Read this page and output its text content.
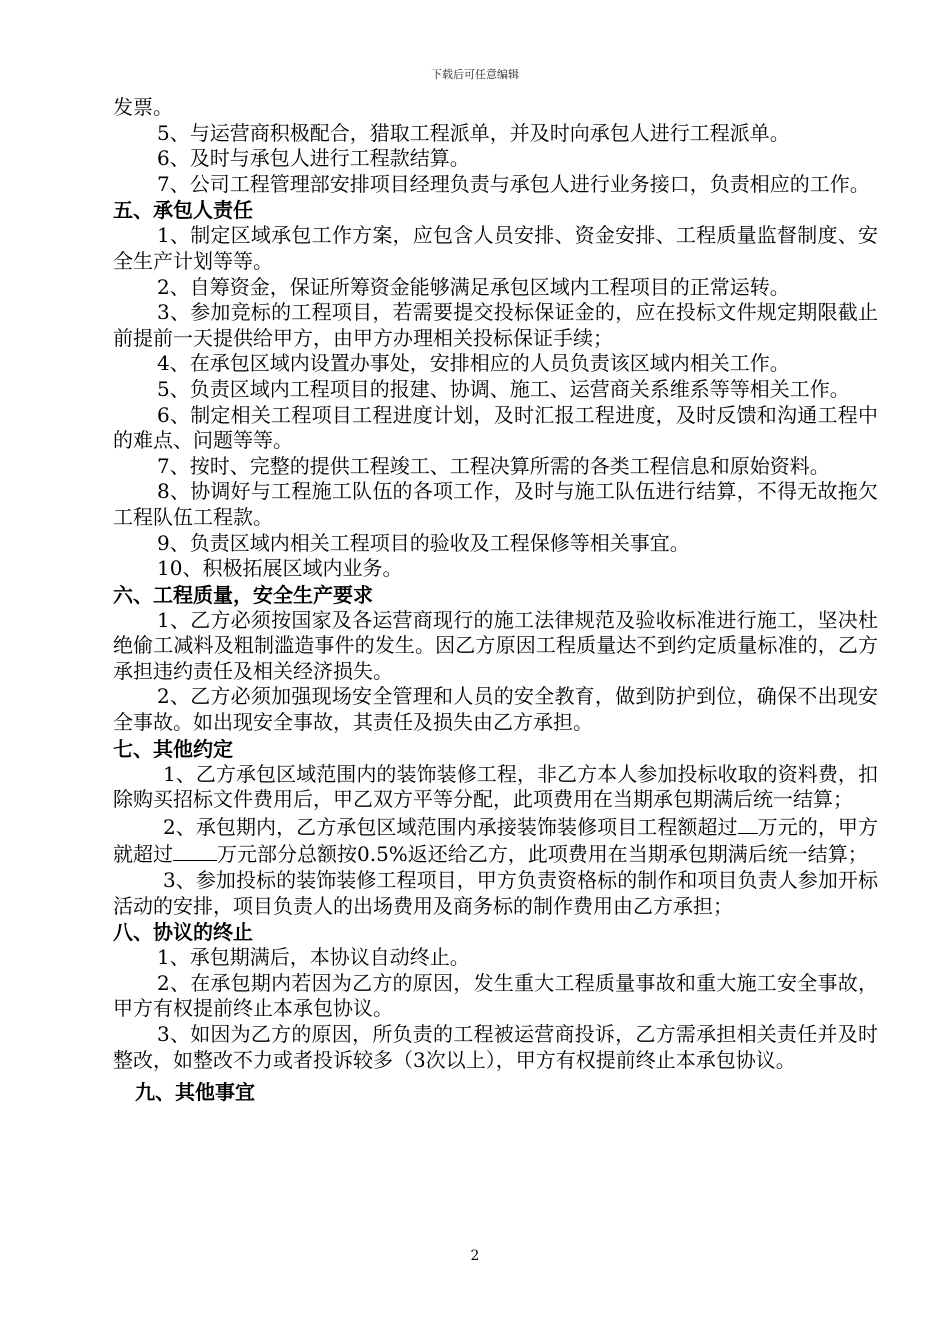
下载后可任意编辑

发票。

5、与运营商积极配合，猎取工程派单，并及时向承包人进行工程派单。

6、及时与承包人进行工程款结算。

7、公司工程管理部安排项目经理负责与承包人进行业务接口，负责相应的工作。

五、承包人责任

1、制定区域承包工作方案，应包含人员安排、资金安排、工程质量监督制度、安全生产计划等等。

2、自筹资金，保证所筹资金能够满足承包区域内工程项目的正常运转。

3、参加竞标的工程项目，若需要提交投标保证金的，应在投标文件规定期限截止前提前一天提供给甲方，由甲方办理相关投标保证手续；

4、在承包区域内设置办事处，安排相应的人员负责该区域内相关工作。

5、负责区域内工程项目的报建、协调、施工、运营商关系维系等等相关工作。

6、制定相关工程项目工程进度计划，及时汇报工程进度，及时反馈和沟通工程中的难点、问题等等。

7、按时、完整的提供工程竣工、工程决算所需的各类工程信息和原始资料。

8、协调好与工程施工队伍的各项工作，及时与施工队伍进行结算，不得无故拖欠工程队伍工程款。

9、负责区域内相关工程项目的验收及工程保修等相关事宜。

10、积极拓展区域内业务。

六、工程质量，安全生产要求

1、乙方必须按国家及各运营商现行的施工法律规范及验收标准进行施工，坚决杜绝偷工减料及粗制滥造事件的发生。因乙方原因工程质量达不到约定质量标准的，乙方承担违约责任及相关经济损失。

2、乙方必须加强现场安全管理和人员的安全教育，做到防护到位，确保不出现安全事故。如出现安全事故，其责任及损失由乙方承担。

七、其他约定

1、乙方承包区域范围内的装饰装修工程，非乙方本人参加投标收取的资料费，扣除购买招标文件费用后，甲乙双方平等分配，此项费用在当期承包期满后统一结算；

2、承包期内，乙方承包区域范围内承接装饰装修项目工程额超过 万元的，甲方就超过 万元部分总额按0.5%返还给乙方，此项费用在当期承包期满后统一结算；

3、参加投标的装饰装修工程项目，甲方负责资格标的制作和项目负责人参加开标活动的安排，项目负责人的出场费用及商务标的制作费用由乙方承担；

八、协议的终止

1、承包期满后，本协议自动终止。

2、在承包期内若因为乙方的原因，发生重大工程质量事故和重大施工安全事故，甲方有权提前终止本承包协议。

3、如因为乙方的原因，所负责的工程被运营商投诉，乙方需承担相关责任并及时整改，如整改不力或者投诉较多（3次以上），甲方有权提前终止本承包协议。

九、其他事宜

2
